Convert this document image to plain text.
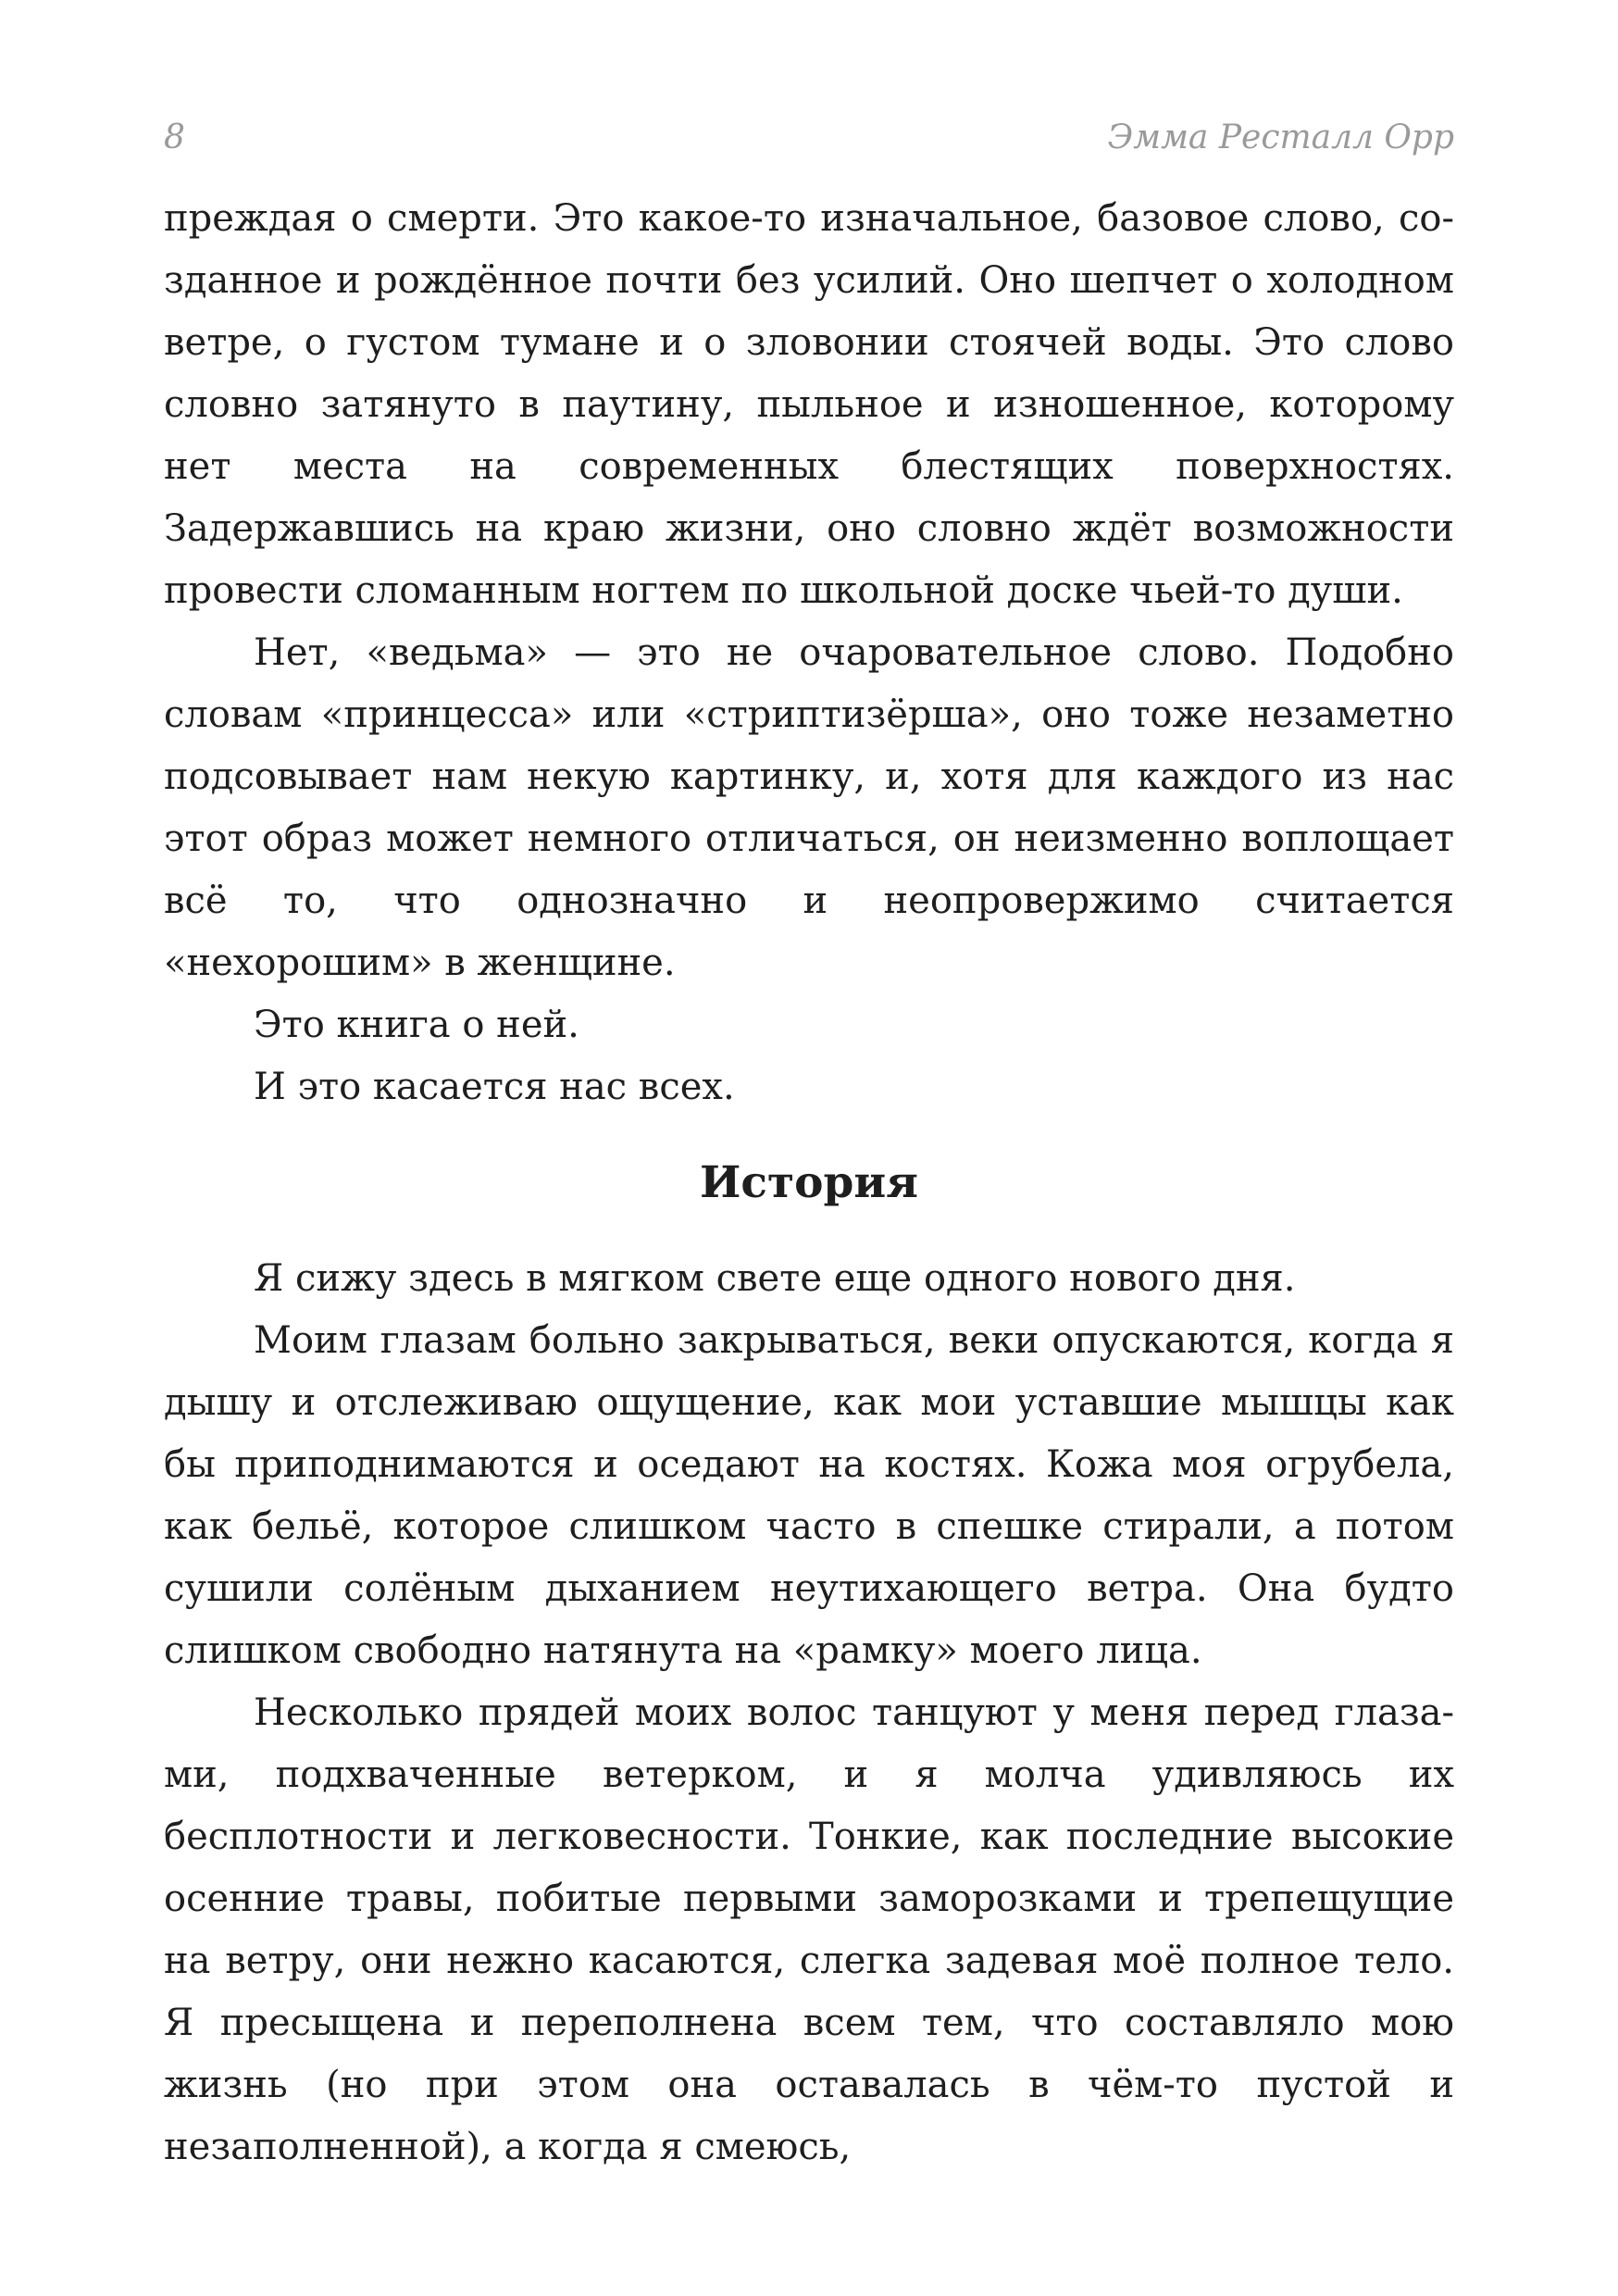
8	Эмма Ресталл Орр

преждая о смерти. Это какое-то изначальное, базовое слово, созданное и рождённое почти без усилий. Оно шепчет о холодном ветре, о густом тумане и о зловонии стоячей воды. Это слово словно затянуто в паутину, пыльное и изношенное, которому нет места на современных блестящих поверхностях. Задержавшись на краю жизни, оно словно ждёт возможности провести сломанным ногтем по школьной доске чьей-то души.

Нет, «ведьма» — это не очаровательное слово. Подобно словам «принцесса» или «стриптизёрша», оно тоже незаметно подсовывает нам некую картинку, и, хотя для каждого из нас этот образ может немного отличаться, он неизменно воплощает всё то, что однозначно и неопровержимо считается «нехорошим» в женщине.

Это книга о ней.

И это касается нас всех.

История

Я сижу здесь в мягком свете еще одного нового дня.

Моим глазам больно закрываться, веки опускаются, когда я дышу и отслеживаю ощущение, как мои уставшие мышцы как бы приподнимаются и оседают на костях. Кожа моя огрубела, как бельё, которое слишком часто в спешке стирали, а потом сушили солёным дыханием неутихающего ветра. Она будто слишком свободно натянута на «рамку» моего лица.

Несколько прядей моих волос танцуют у меня перед глазами, подхваченные ветерком, и я молча удивляюсь их бесплотности и легковесности. Тонкие, как последние высокие осенние травы, побитые первыми заморозками и трепещущие на ветру, они нежно касаются, слегка задевая моё полное тело. Я пресыщена и переполнена всем тем, что составляло мою жизнь (но при этом она оставалась в чём-то пустой и незаполненной), а когда я смеюсь,
